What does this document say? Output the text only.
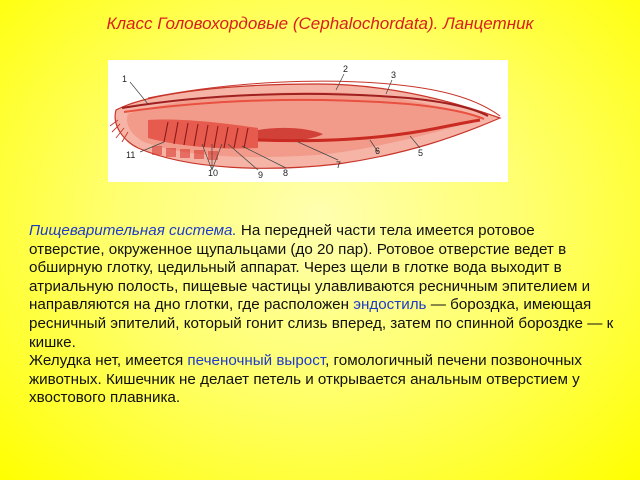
Класс Головохордовые (Cephalochordata). Ланцетник
1
2
3
5
6
7
8
9
10
11

Пищеварительная система. На передней части тела имеется ротовое отверстие, окруженное щупальцами (до 20 пар). Ротовое отверстие ведет в обширную глотку, цедильный аппарат. Через щели в глотке вода выходит в атриальную полость, пищевые частицы улавливаются ресничным эпителием и направляются на дно глотки, где расположен эндостиль — бороздка, имеющая ресничный эпителий, который гонит слизь вперед, затем по спинной бороздке — к кишке.

Желудка нет, имеется печеночный вырост, гомологичный печени позвоночных животных. Кишечник не делает петель и открывается анальным отверстием у хвостового плавника.
